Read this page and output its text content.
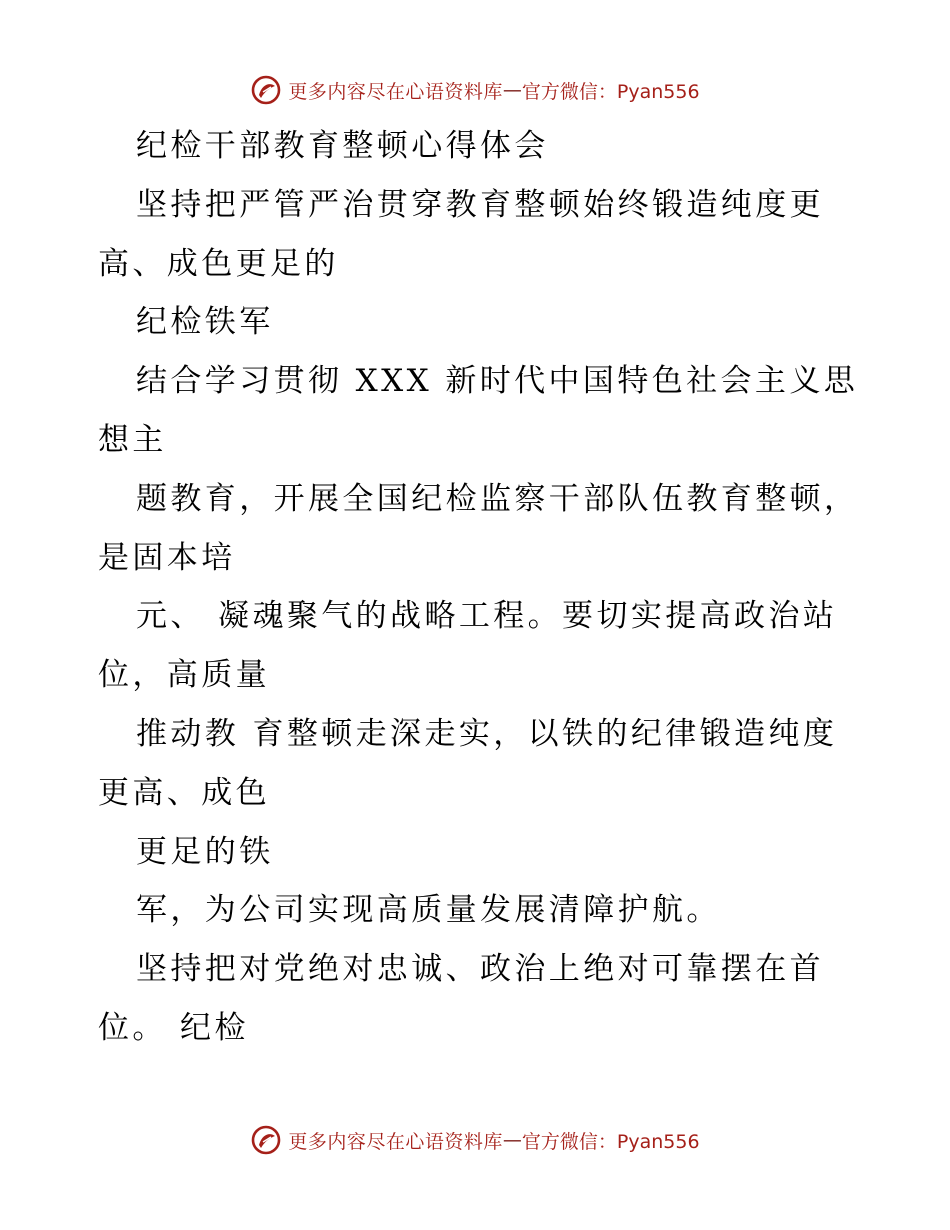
更多内容尽在心语资料库 — 官方微信：Pyan556
纪检干部教育整顿心得体会
坚持把严管严治贯穿教育整顿始终锻造纯度更
高、成色更足的
纪检铁军
结合学习贯彻 XXX 新时代中国特色社会主义思
想主
题教育，开展全国纪检监察干部队伍教育整顿，
是固本培
元、 凝魂聚气的战略工程。要切实提高政治站
位，高质量
推动教 育整顿走深走实，以铁的纪律锻造纯度
更高、成色
更足的铁
军，为公司实现高质量发展清障护航。
坚持把对党绝对忠诚、政治上绝对可靠摆在首
位。 纪检
更多内容尽在心语资料库 — 官方微信：Pyan556
